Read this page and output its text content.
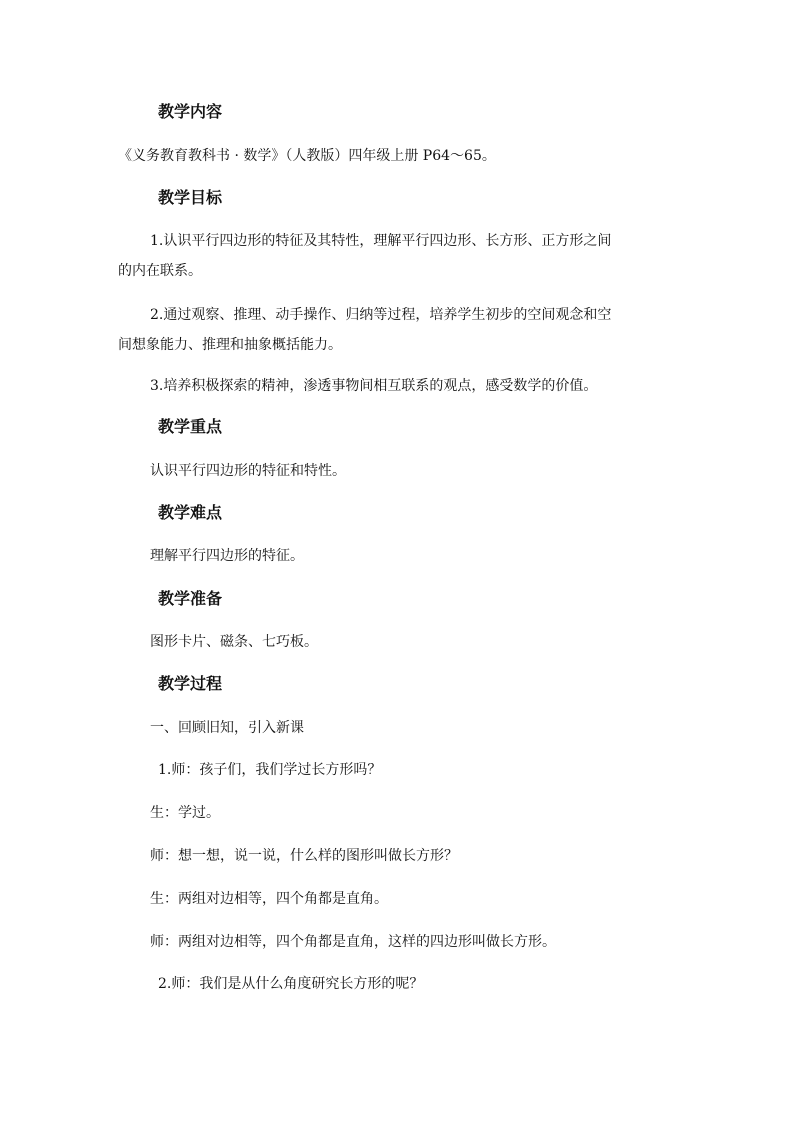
教学内容
《义务教育教科书 · 数学》（人教版）四年级上册 P64～65。
教学目标
1.认识平行四边形的特征及其特性，理解平行四边形、长方形、正方形之间
的内在联系。
2.通过观察、推理、动手操作、归纳等过程，培养学生初步的空间观念和空
间想象能力、推理和抽象概括能力。
3.培养积极探索的精神，渗透事物间相互联系的观点，感受数学的价值。
教学重点
认识平行四边形的特征和特性。
教学难点
理解平行四边形的特征。
教学准备
图形卡片、磁条、七巧板。
教学过程
一、回顾旧知，引入新课
1.师：孩子们，我们学过长方形吗？
生：学过。
师：想一想，说一说，什么样的图形叫做长方形？
生：两组对边相等，四个角都是直角。
师：两组对边相等，四个角都是直角，这样的四边形叫做长方形。
2.师：我们是从什么角度研究长方形的呢？
